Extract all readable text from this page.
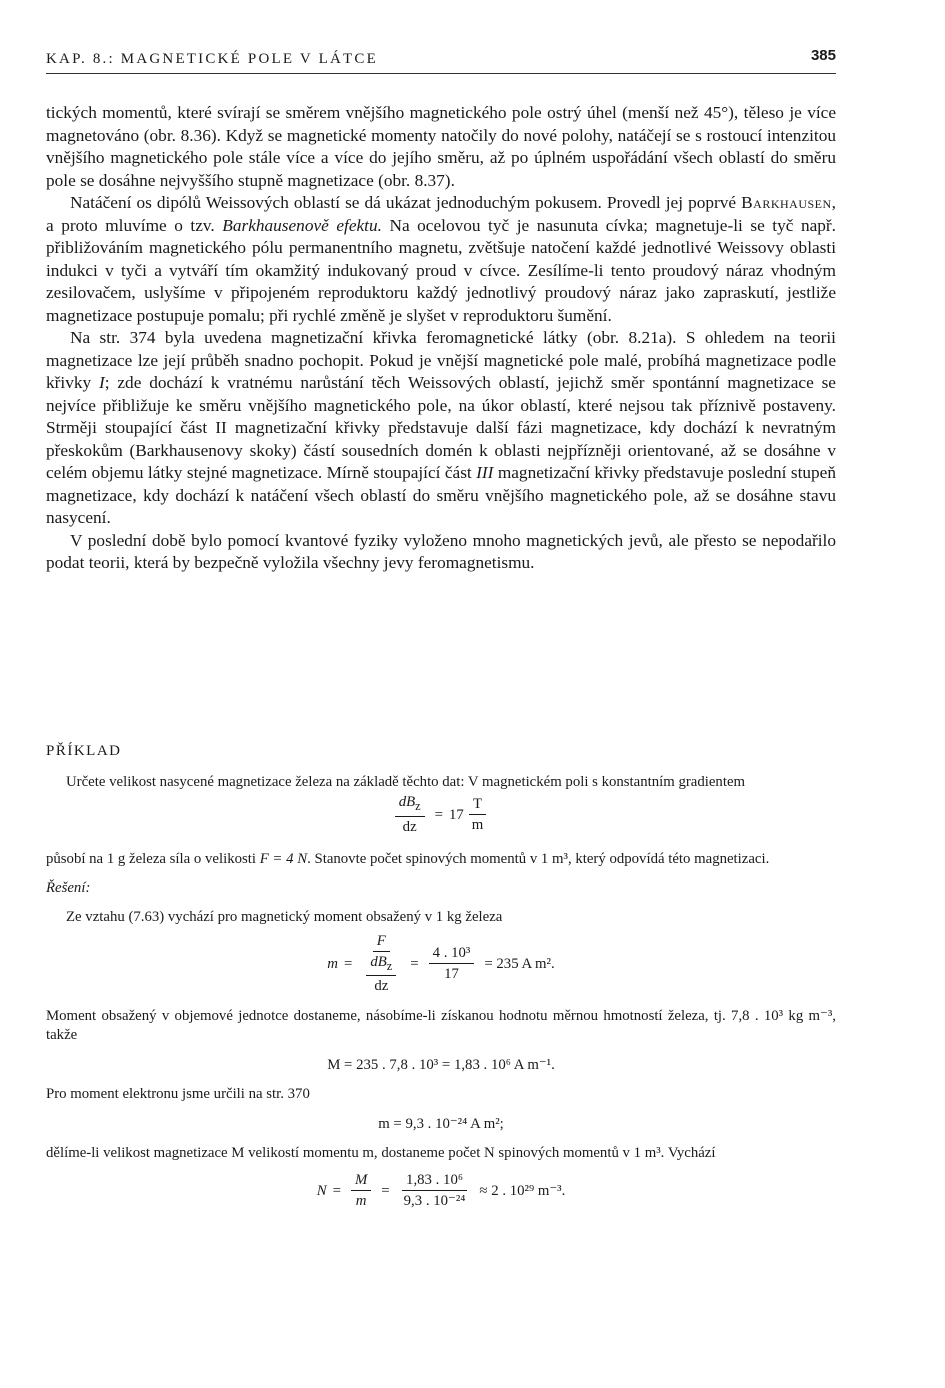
KAP. 8.: MAGNETICKÉ POLE V LÁTCE	385

tických momentů, které svírají se směrem vnějšího magnetického pole ostrý úhel (menší než 45°), těleso je více magnetováno (obr. 8.36). Když se magnetické momenty natočily do nové polohy, natáčejí se s rostoucí intenzitou vnějšího magnetického pole stále více a více do jejího směru, až po úplném uspořádání všech oblastí do směru pole se dosáhne nejvyššího stupně magnetizace (obr. 8.37).

Natáčení os dipólů Weissových oblastí se dá ukázat jednoduchým pokusem. Provedl jej poprvé Barkhausen, a proto mluvíme o tzv. Barkhausenově efektu. Na ocelovou tyč je nasunuta cívka; magnetuje-li se tyč např. přibližováním magnetického pólu permanentního magnetu, zvětšuje natočení každé jednotlivé Weissovy oblasti indukci v tyči a vytváří tím okamžitý indukovaný proud v cívce. Zesílíme-li tento proudový náraz vhodným zesilovačem, uslyšíme v připojeném reproduktoru každý jednotlivý proudový náraz jako zapraskutí, jestliže magnetizace postupuje pomalu; při rychlé změně je slyšet v reproduktoru šumění.

Na str. 374 byla uvedena magnetizační křivka feromagnetické látky (obr. 8.21a). S ohledem na teorii magnetizace lze její průběh snadno pochopit. Pokud je vnější magnetické pole malé, probíhá magnetizace podle křivky I; zde dochází k vratnému narůstání těch Weissových oblastí, jejichž směr spontánní magnetizace se nejvíce přibližuje ke směru vnějšího magnetického pole, na úkor oblastí, které nejsou tak příznivě postaveny. Strměji stoupající část II magnetizační křivky představuje další fázi magnetizace, kdy dochází k nevratným přeskokům (Barkhausenovy skoky) částí sousedních domén k oblasti nejpřízněji orientované, až se dosáhne v celém objemu látky stejné magnetizace. Mírně stoupající část III magnetizační křivky představuje poslední stupeň magnetizace, kdy dochází k natáčení všech oblastí do směru vnějšího magnetického pole, až se dosáhne stavu nasycení.

V poslední době bylo pomocí kvantové fyziky vyloženo mnoho magnetických jevů, ale přesto se nepodařilo podat teorii, která by bezpečně vyložila všechny jevy feromagnetismu.

PŘÍKLAD

Určete velikost nasycené magnetizace železa na základě těchto dat: V magnetickém poli s konstantním gradientem

$\frac{dB_z}{dz} = 17 \frac{T}{m}$

působí na 1 g železa síla o velikosti F = 4 N. Stanovte počet spinových momentů v 1 m³, který odpovídá této magnetizaci.

Řešení:

Ze vztahu (7.63) vychází pro magnetický moment obsažený v 1 kg železa

$m = \frac{F}{\frac{dB_z}{dz}} = \frac{\text{4 . 10³}}{17} = 235$ A m².

Moment obsažený v objemové jednotce dostaneme, násobíme-li získanou hodnotu měrnou hmotností železa, tj. 7,8 . 10³ kg m⁻³, takže

M = 235 . 7,8 . 10³ = 1,83 . 10⁶ A m⁻¹.

Pro moment elektronu jsme určili na str. 370

m = 9,3 . 10⁻²⁴ A m²;

dělíme-li velikost magnetizace M velikostí momentu m, dostaneme počet N spinových momentů v 1 m³. Vychází

$N = \frac{M}{m} = \frac{\text{1,83 . 10⁶}}{\text{9,3 . 10⁻²⁴}} \approx 2$ . 10²⁹ m⁻³.
